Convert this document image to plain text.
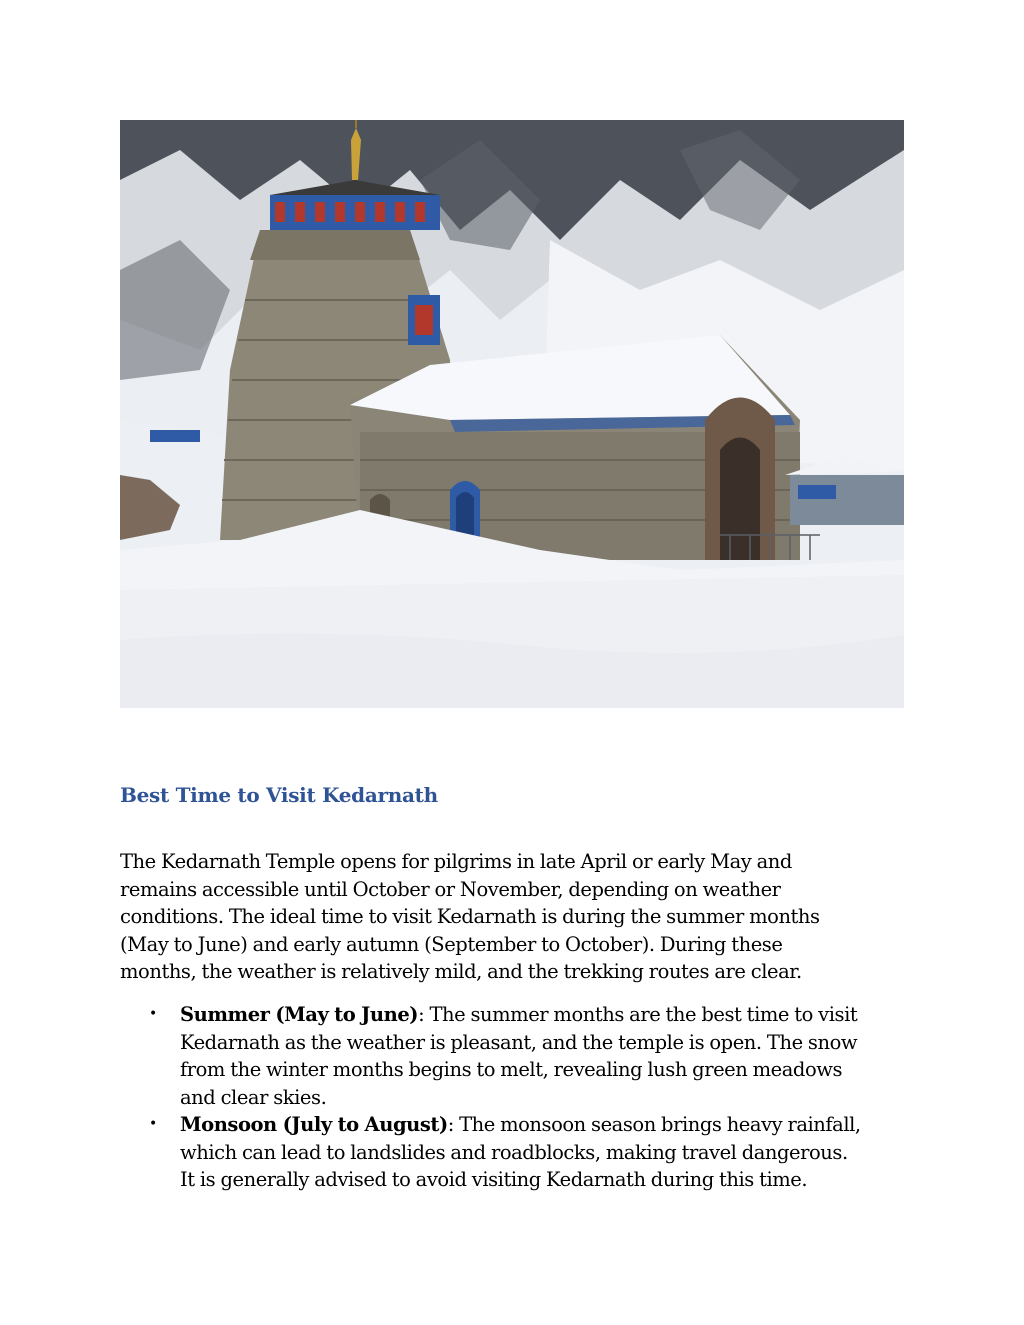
Best Time to Visit Kedarnath

The Kedarnath Temple opens for pilgrims in late April or early May and
remains accessible until October or November, depending on weather
conditions. The ideal time to visit Kedarnath is during the summer months
(May to June) and early autumn (September to October). During these
months, the weather is relatively mild, and the trekking routes are clear.

• Summer (May to June): The summer months are the best time to visit
Kedarnath as the weather is pleasant, and the temple is open. The snow
from the winter months begins to melt, revealing lush green meadows
and clear skies.
• Monsoon (July to August): The monsoon season brings heavy rainfall,
which can lead to landslides and roadblocks, making travel dangerous.
It is generally advised to avoid visiting Kedarnath during this time.
